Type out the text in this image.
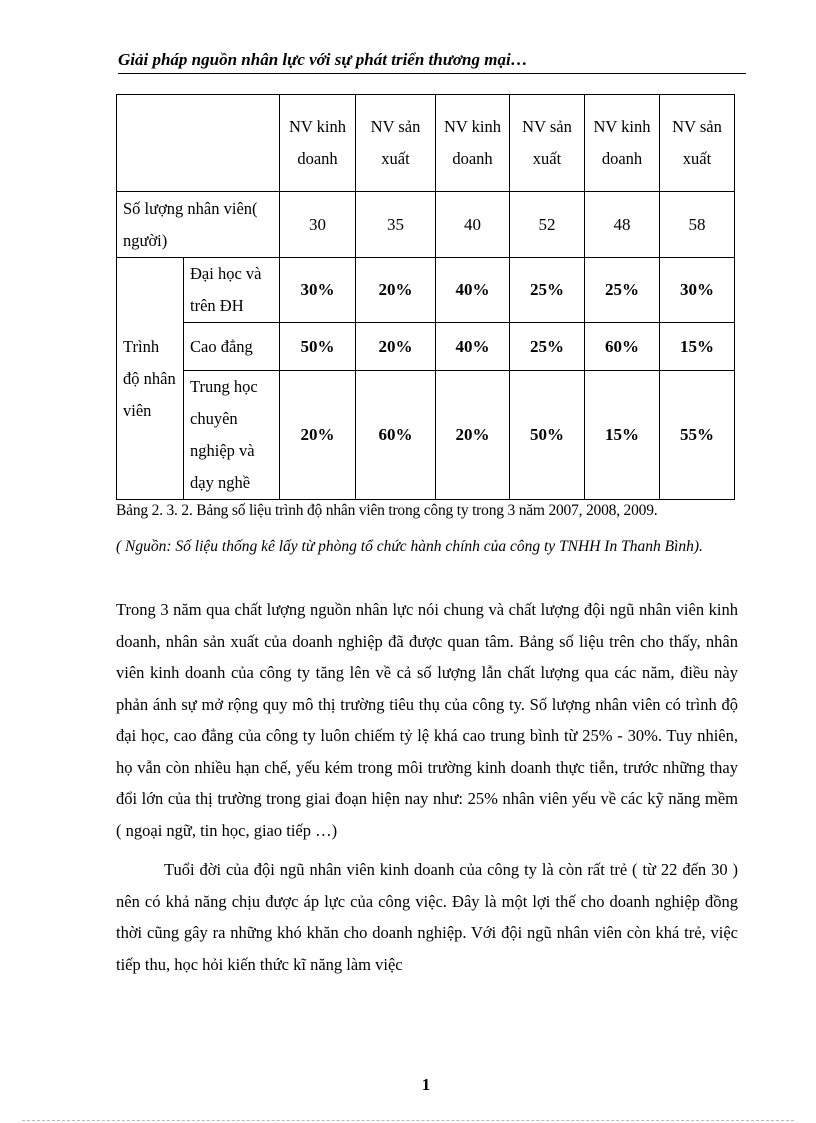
Giải pháp nguồn nhân lực với sự phát triển thương mại…
		NV kinh doanh	NV sản xuất	NV kinh doanh	NV sản xuất	NV kinh doanh	NV sản xuất
Số lượng nhân viên( người)		30	35	40	52	48	58
Trình độ nhân viên	Đại học và trên ĐH	30%	20%	40%	25%	25%	30%
	Cao đẳng	50%	20%	40%	25%	60%	15%
	Trung học chuyên nghiệp và dạy nghề	20%	60%	20%	50%	15%	55%
Bảng 2. 3. 2. Bảng số liệu trình độ nhân viên trong công ty trong 3 năm 2007, 2008, 2009.
( Nguồn: Số liệu thống kê lấy từ phòng tổ chức hành chính của công ty TNHH In Thanh Bình).

Trong 3 năm qua chất lượng nguồn nhân lực nói chung và chất lượng đội ngũ nhân viên kinh doanh, nhân sản xuất của doanh nghiệp đã được quan tâm. Bảng số liệu trên cho thấy, nhân viên kinh doanh của công ty tăng lên về cả số lượng lẫn chất lượng qua các năm, điều này phản ánh sự mở rộng quy mô thị trường tiêu thụ của công ty. Số lượng nhân viên có trình độ đại học, cao đẳng của công ty luôn chiếm tỷ lệ khá cao trung bình từ 25% - 30%. Tuy nhiên, họ vẫn còn nhiều hạn chế, yếu kém trong môi trường kinh doanh thực tiễn, trước những thay đổi lớn của thị trường trong giai đoạn hiện nay như: 25% nhân viên yếu về các kỹ năng mềm ( ngoại ngữ, tin học, giao tiếp …)

Tuổi đời của đội ngũ nhân viên kinh doanh của công ty là còn rất trẻ ( từ 22 đến 30 ) nên có khả năng chịu được áp lực của công việc. Đây là một lợi thế cho doanh nghiệp đồng thời cũng gây ra những khó khăn cho doanh nghiệp. Với đội ngũ nhân viên còn khá trẻ, việc tiếp thu, học hỏi kiến thức kĩ năng làm việc

1
